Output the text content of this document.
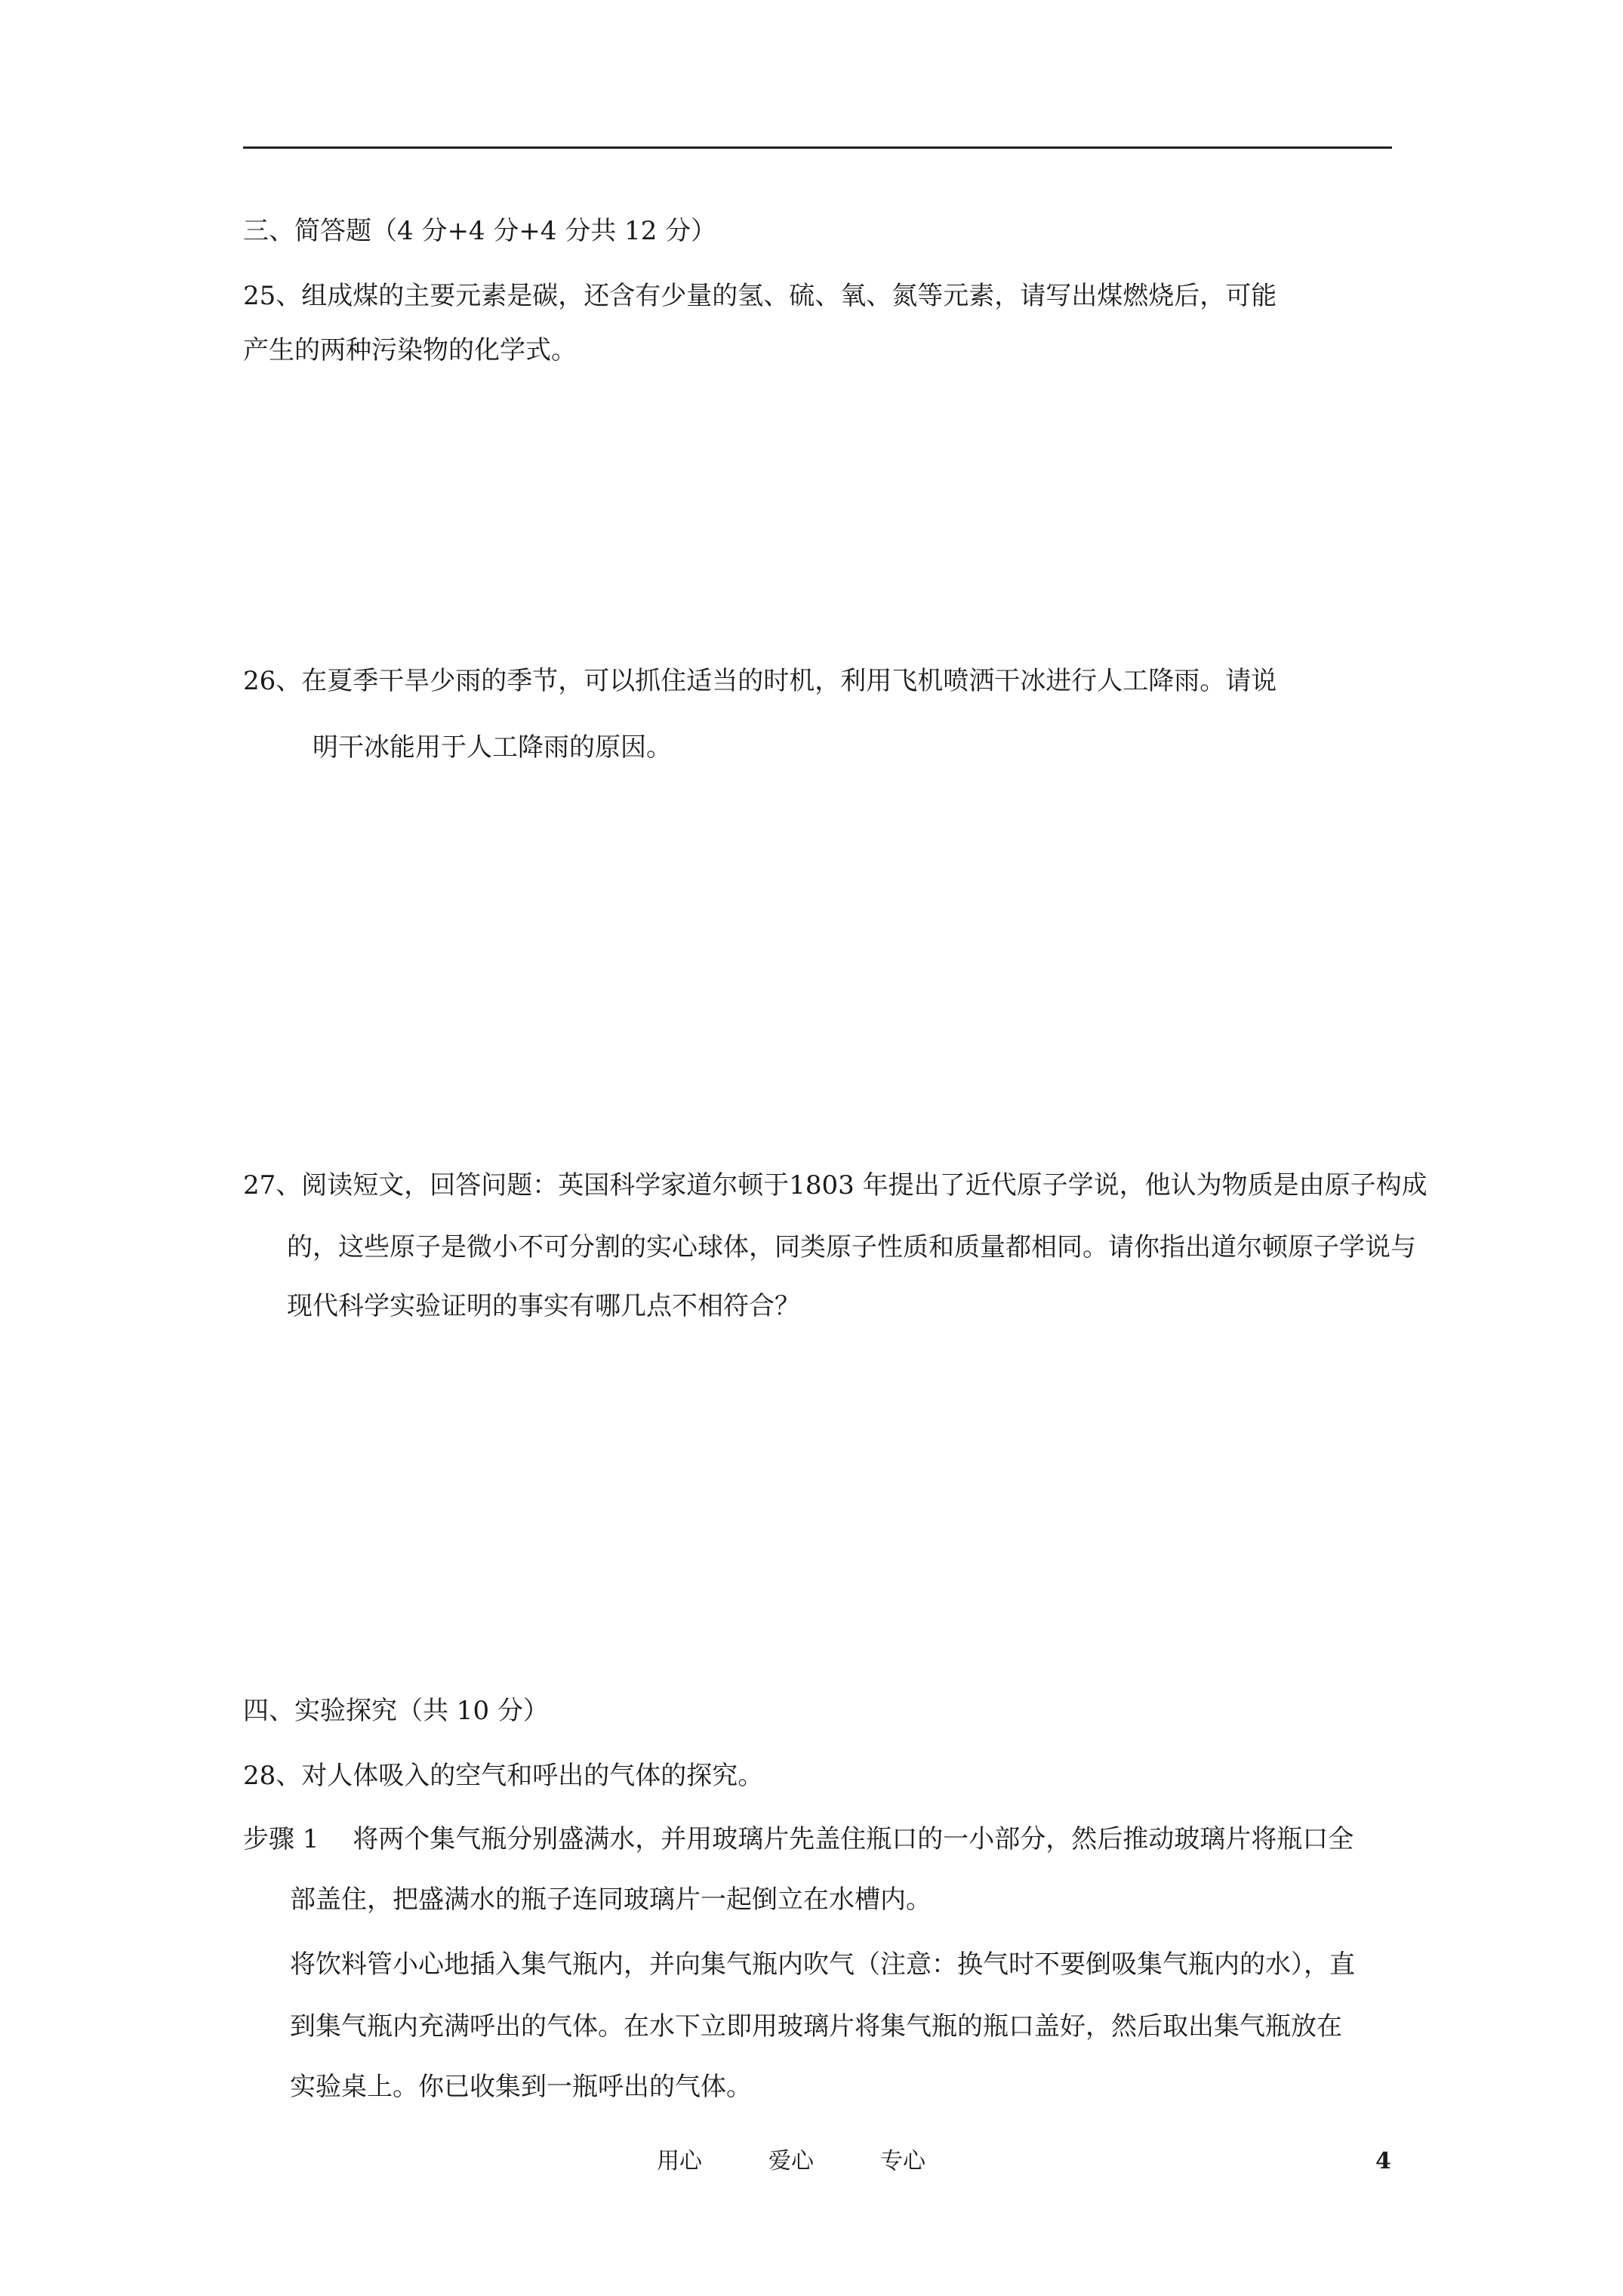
三、简答题（4 分+4 分+4 分共 12 分）
25、组成煤的主要元素是碳，还含有少量的氢、硫、氧、氮等元素，请写出煤燃烧后，可能
产生的两种污染物的化学式。
26、在夏季干旱少雨的季节，可以抓住适当的时机，利用飞机喷洒干冰进行人工降雨。请说
明干冰能用于人工降雨的原因。
27、阅读短文，回答问题：英国科学家道尔顿于1803 年提出了近代原子学说，他认为物质是由原子构成
的，这些原子是微小不可分割的实心球体，同类原子性质和质量都相同。请你指出道尔顿原子学说与
现代科学实验证明的事实有哪几点不相符合？
四、实验探究（共 10 分）
28、对人体吸入的空气和呼出的气体的探究。
步骤 1　 将两个集气瓶分别盛满水，并用玻璃片先盖住瓶口的一小部分，然后推动玻璃片将瓶口全
部盖住，把盛满水的瓶子连同玻璃片一起倒立在水槽内。
将饮料管小心地插入集气瓶内，并向集气瓶内吹气（注意：换气时不要倒吸集气瓶内的水），直
到集气瓶内充满呼出的气体。在水下立即用玻璃片将集气瓶的瓶口盖好，然后取出集气瓶放在
实验桌上。你已收集到一瓶呼出的气体。
用心	爱心	专心	4
